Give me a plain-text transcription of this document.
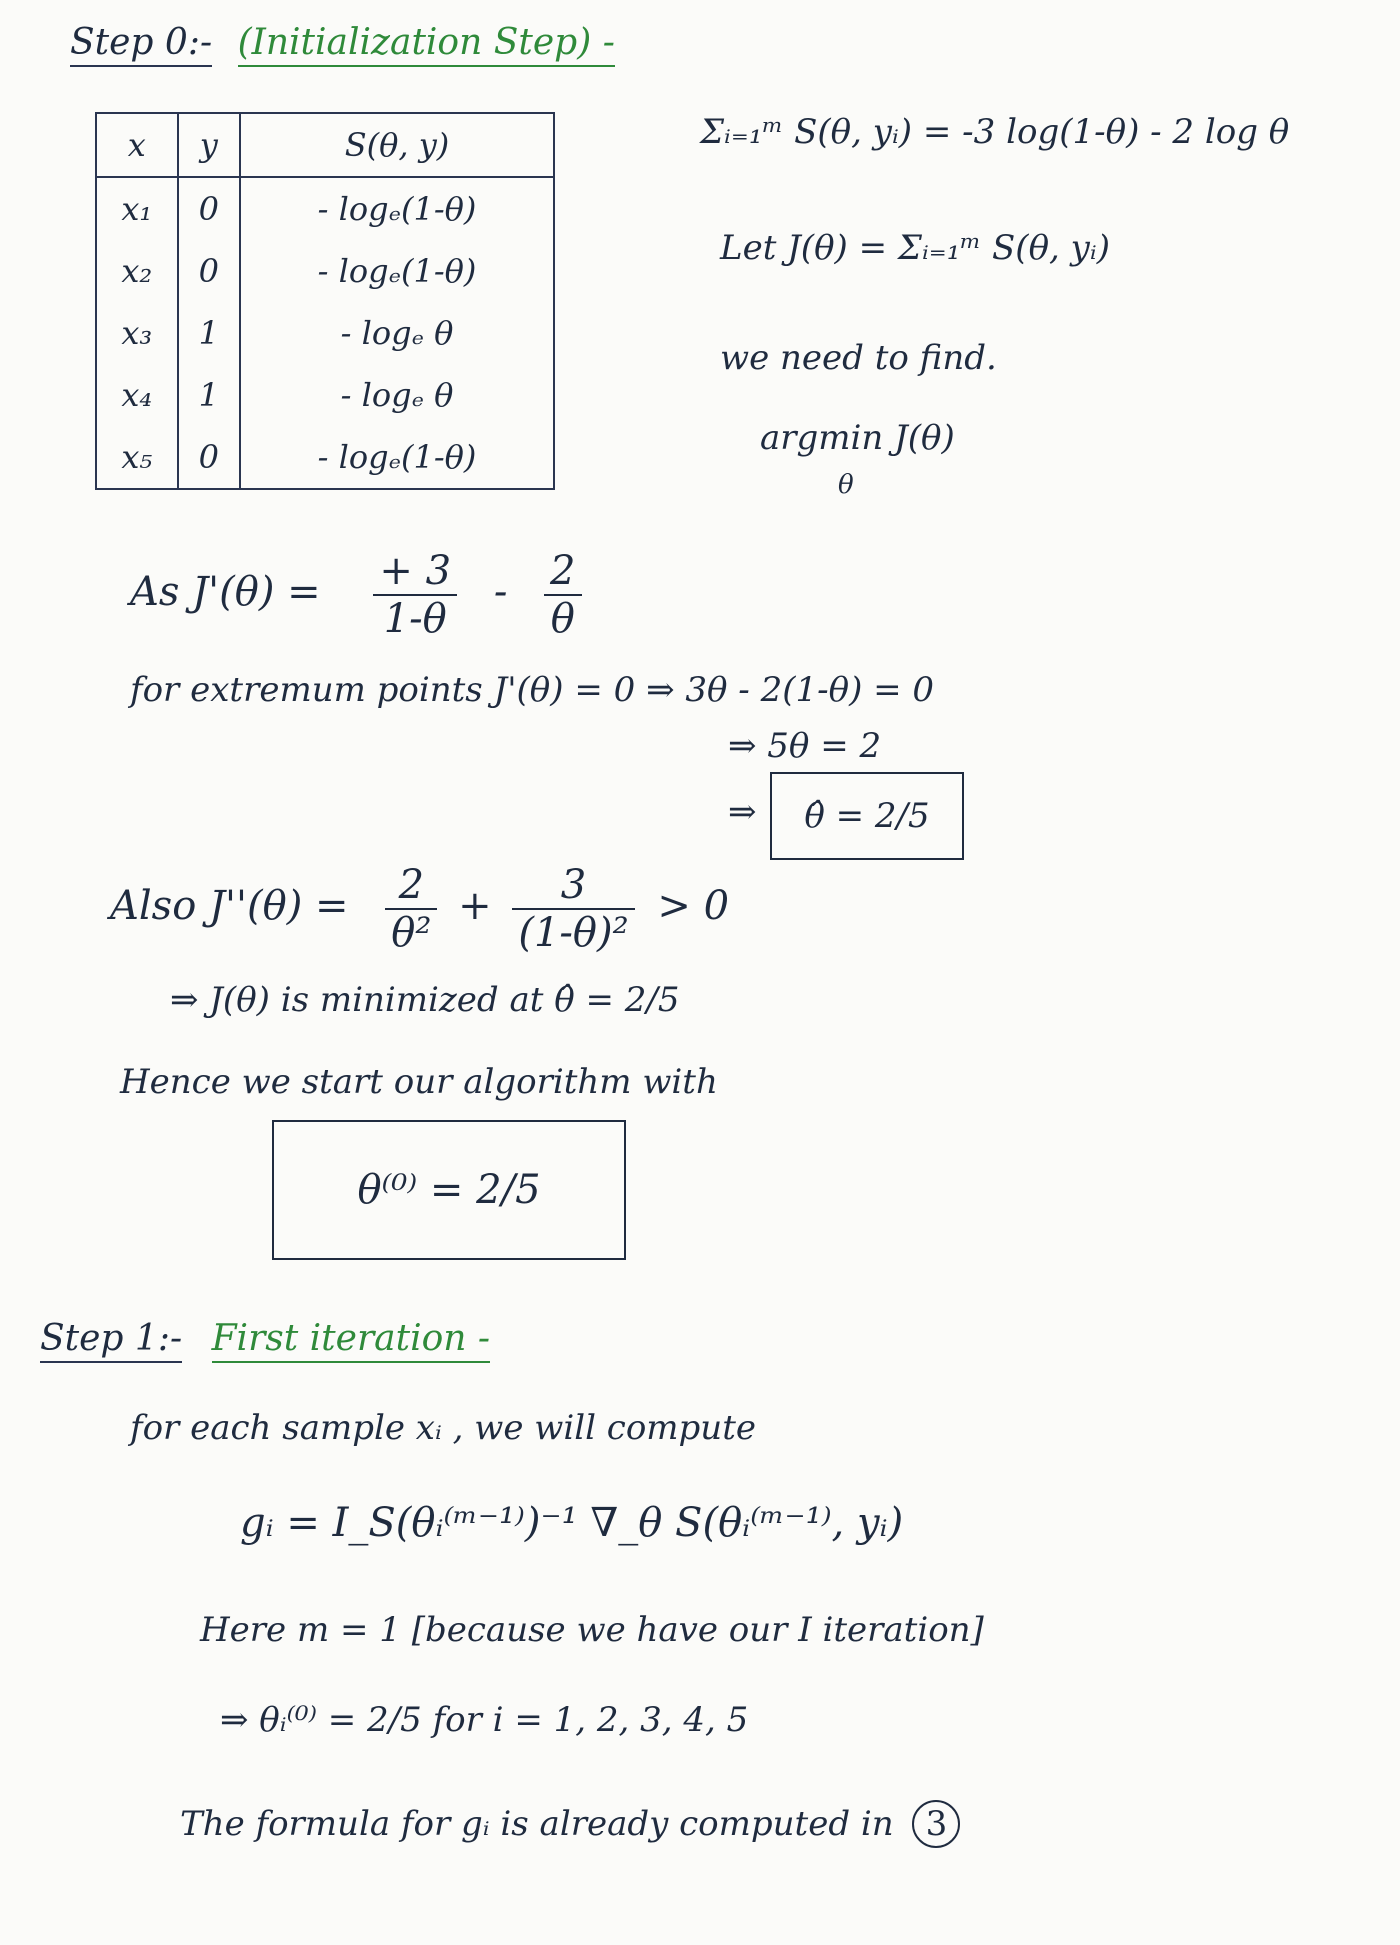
Step 0:- (Initialization Step) -
x	y	S(θ, y)
x₁	0	- logₑ(1-θ)
x₂	0	- logₑ(1-θ)
x₃	1	- logₑ θ
x₄	1	- logₑ θ
x₅	0	- logₑ(1-θ)
Σᵢ₌₁ᵐ S(θ, yᵢ) = -3 log(1-θ) - 2 log θ
Let J(θ) = Σᵢ₌₁ᵐ S(θ, yᵢ)
we need to find.
argmin J(θ)
θ
As $J'(\theta) = \frac{+ 3}{1-\theta} - \frac{2}{\theta}$
for extremum points J'(θ) = 0 ⇒ 3θ - 2(1-θ) = 0
⇒ 5θ = 2
⇒	θ̂ = 2/5
Also $J''(\theta) = \frac{2}{\text{θ²}} + \frac{3}{\text{(1-θ)²}} > 0$
⇒ J(θ) is minimized at θ̂ = 2/5
Hence we start our algorithm with
θ⁽⁰⁾ = 2/5
Step 1:- First iteration -
for each sample xᵢ , we will compute
gᵢ = I_S(θᵢ⁽ᵐ⁻¹⁾)⁻¹ ∇_θ S(θᵢ⁽ᵐ⁻¹⁾, yᵢ)
Here m = 1 [because we have our I iteration]
⇒ θᵢ⁽⁰⁾ = 2/5 for i = 1, 2, 3, 4, 5
The formula for gᵢ is already computed in 3
